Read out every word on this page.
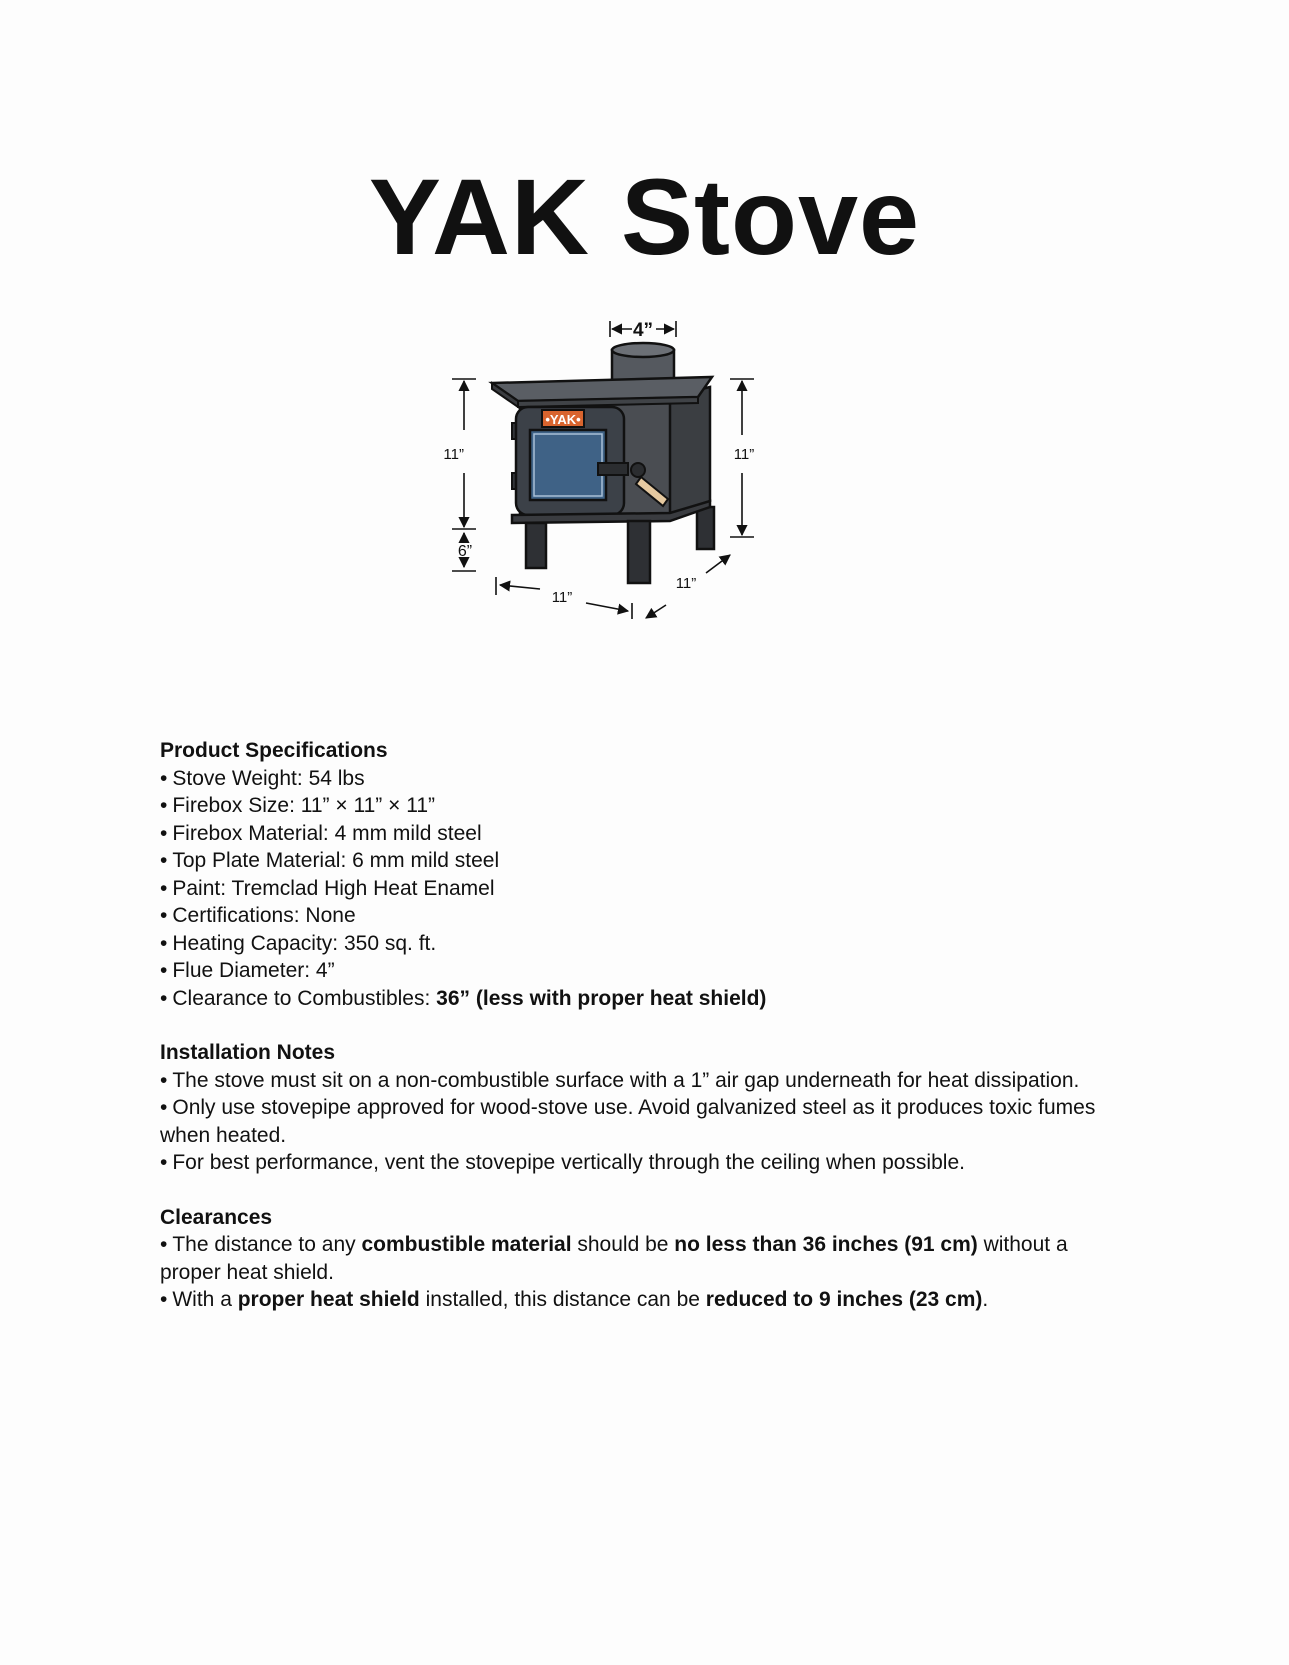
YAK Stove
4”
•YAK•
11”
6”
11”
11”
11”

Product Specifications

• Stove Weight: 54 lbs

• Firebox Size: 11” × 11” × 11”

• Firebox Material: 4 mm mild steel

• Top Plate Material: 6 mm mild steel

• Paint: Tremclad High Heat Enamel

• Certifications: None

• Heating Capacity: 350 sq. ft.

• Flue Diameter: 4”

• Clearance to Combustibles: 36” (less with proper heat shield)

Installation Notes

• The stove must sit on a non-combustible surface with a 1” air gap underneath for heat dissipation.

• Only use stovepipe approved for wood-stove use. Avoid galvanized steel as it produces toxic fumes when heated.

• For best performance, vent the stovepipe vertically through the ceiling when possible.

Clearances

• The distance to any combustible material should be no less than 36 inches (91 cm) without a proper heat shield.

• With a proper heat shield installed, this distance can be reduced to 9 inches (23 cm).
